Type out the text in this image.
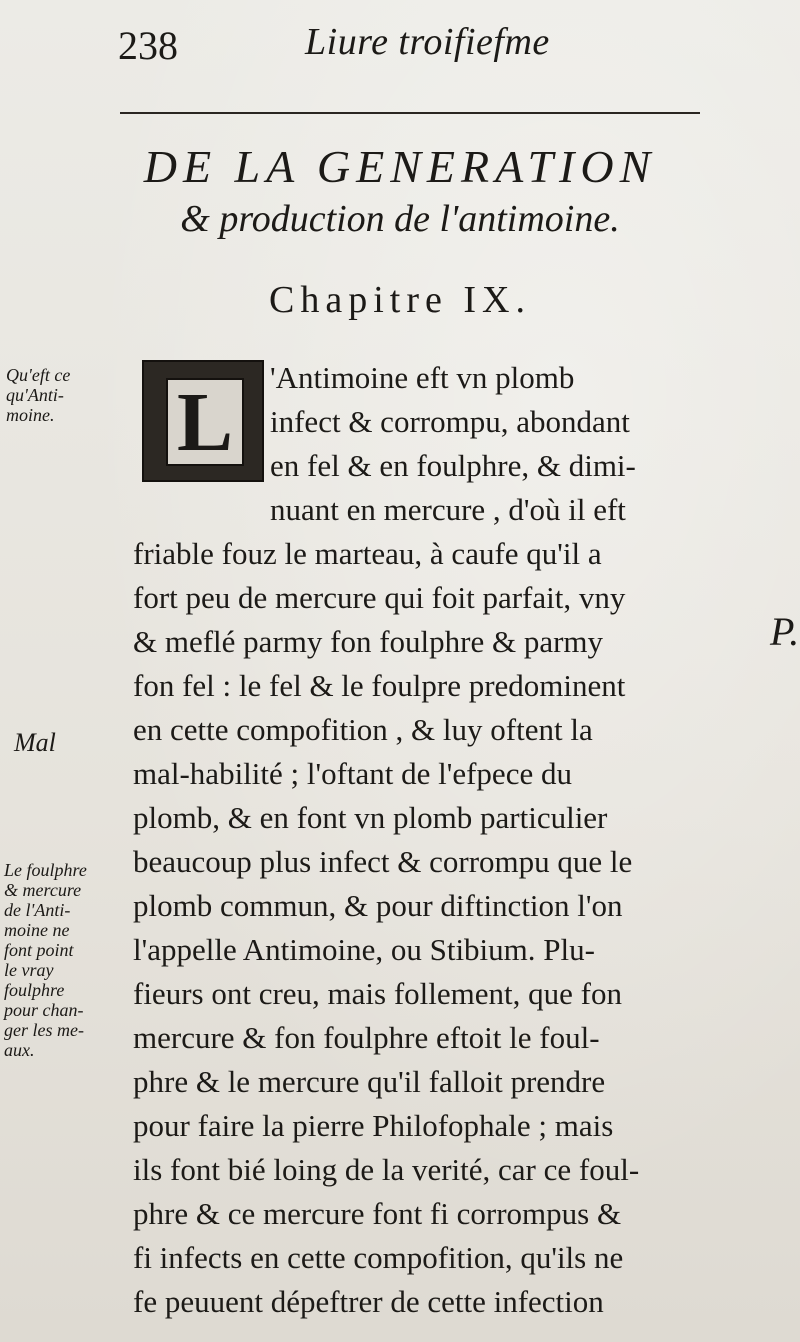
238	Liure troifiefme
DE LA GENERATION
& production de l'antimoine.
Chapitre IX.
Qu'eft ce
qu'Anti-
moine.	L	'Antimoine eft vn plomb
infect & corrompu, abondant
en fel & en foulphre, & dimi-
nuant en mercure , d'où il eft
friable fouz le marteau, à caufe qu'il a
fort peu de mercure qui foit parfait, vny
& meflé parmy fon foulphre & parmy
fon fel : le fel & le foulpre predominent
en cette compofition , & luy oftent la
mal-habilité ; l'oftant de l'efpece du
plomb, & en font vn plomb particulier
beaucoup plus infect & corrompu que le
plomb commun, & pour diftinction l'on
l'appelle Antimoine, ou Stibium. Plu-
fieurs ont creu, mais follement, que fon
mercure & fon foulphre eftoit le foul-
phre & le mercure qu'il falloit prendre
pour faire la pierre Philofophale ; mais
ils font bié loing de la verité, car ce foul-
phre & ce mercure font fi corrompus &
fi infects en cette compofition, qu'ils ne
fe peuuent dépeftrer de cette infection
Le foulphre
& mercure
de l'Anti-
moine ne
font point
le vray
foulphre
pour chan-
ger les me-
aux.
Mal
P.
